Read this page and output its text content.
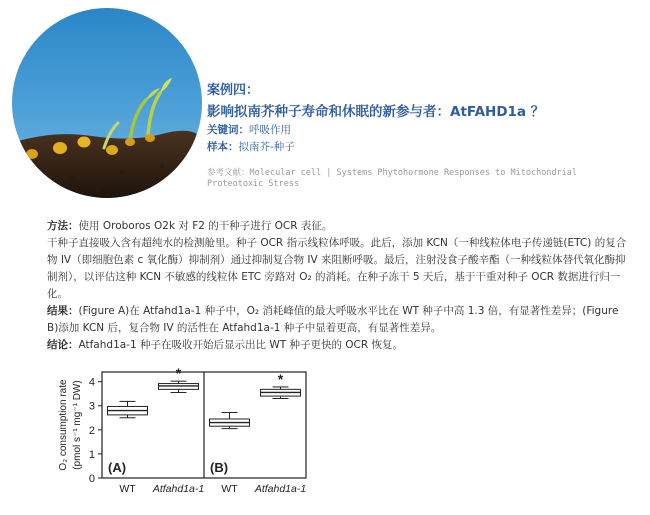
案例四：
影响拟南芥种子寿命和休眠的新参与者：AtFAHD1a ？
关键词：呼吸作用
样本：拟南芥-种子
参考文献：Molecular cell | Systems Phytohormone Responses to Mitochondrial
Proteotoxic Stress

方法：使用 Oroboros O2k 对 F2 的干种子进行 OCR 表征。

干种子直接吸入含有超纯水的检测舱里。种子 OCR 指示线粒体呼吸。此后，添加 KCN（一种线粒体电子传递链(ETC) 的复合物 IV（即细胞色素 c 氧化酶）抑制剂）通过抑制复合物 IV 来阻断呼吸。最后，注射没食子酸辛酯（一种线粒体替代氧化酶抑制剂），以评估这种 KCN 不敏感的线粒体 ETC 旁路对 O₂ 的消耗。在种子冻干 5 天后，基于干重对种子 OCR 数据进行归一化。

结果：(Figure A)在 Atfahd1a-1 种子中，O₂ 消耗峰值的最大呼吸水平比在 WT 种子中高 1.3 倍，有显著性差异；(Figure B)添加 KCN 后，复合物 IV 的活性在 Atfahd1a-1 种子中显着更高，有显著性差异。

结论：Atfahd1a-1 种子在吸收开始后显示出比 WT 种子更快的 OCR 恢复。

0
1
2
3
4
O₂ consumption rate (pmol s⁻¹ mg⁻¹ DW) (A)
WT
*
Atfahd1a-1
(B)
WT
*
Atfahd1a-1
